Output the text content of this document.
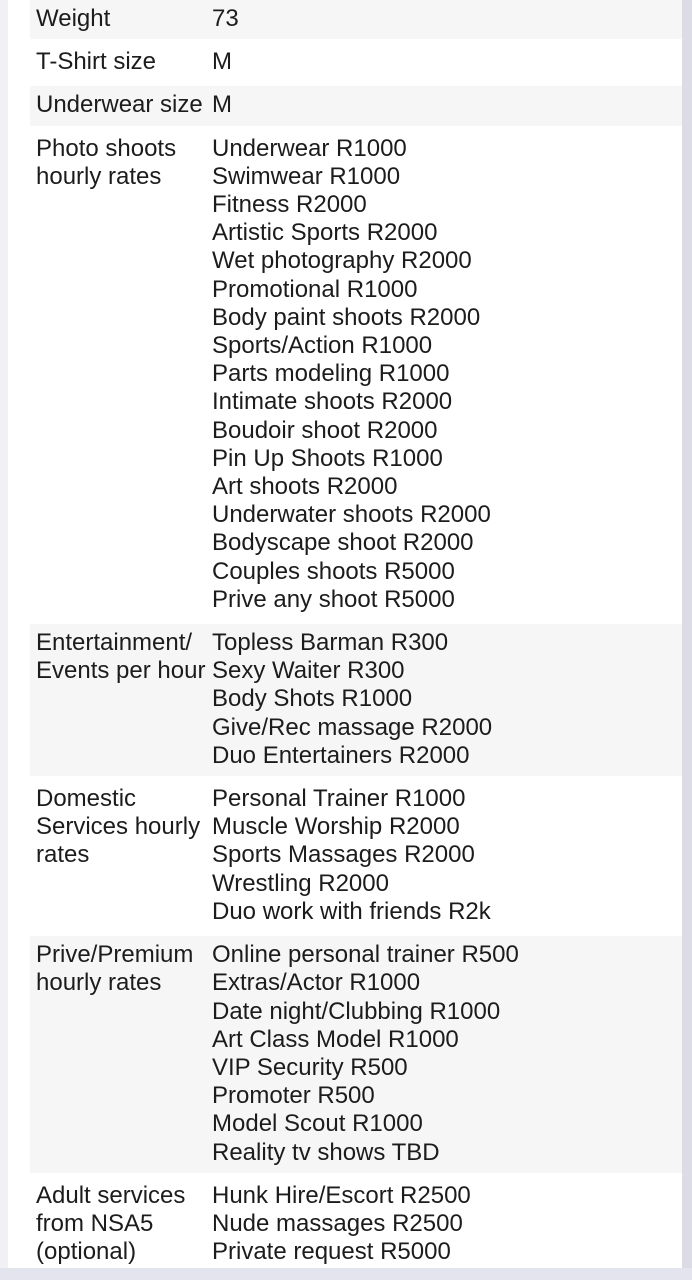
Weight	73
T-Shirt size	M
Underwear size M
Photo shoots hourly rates
Underwear R1000
Swimwear R1000
Fitness R2000
Artistic Sports R2000
Wet photography R2000
Promotional R1000
Body paint shoots R2000
Sports/Action R1000
Parts modeling R1000
Intimate shoots R2000
Boudoir shoot R2000
Pin Up Shoots R1000
Art shoots R2000
Underwater shoots R2000
Bodyscape shoot R2000
Couples shoots R5000
Prive any shoot R5000
Entertainment/ Events per hour
Topless Barman R300
Sexy Waiter R300
Body Shots R1000
Give/Rec massage R2000
Duo Entertainers R2000
Domestic Services hourly rates
Personal Trainer R1000
Muscle Worship R2000
Sports Massages R2000
Wrestling R2000
Duo work with friends R2k
Prive/Premium hourly rates
Online personal trainer R500
Extras/Actor R1000
Date night/Clubbing R1000
Art Class Model R1000
VIP Security R500
Promoter R500
Model Scout R1000
Reality tv shows TBD
Adult services from NSA5 (optional)
Hunk Hire/Escort R2500
Nude massages R2500
Private request R5000
